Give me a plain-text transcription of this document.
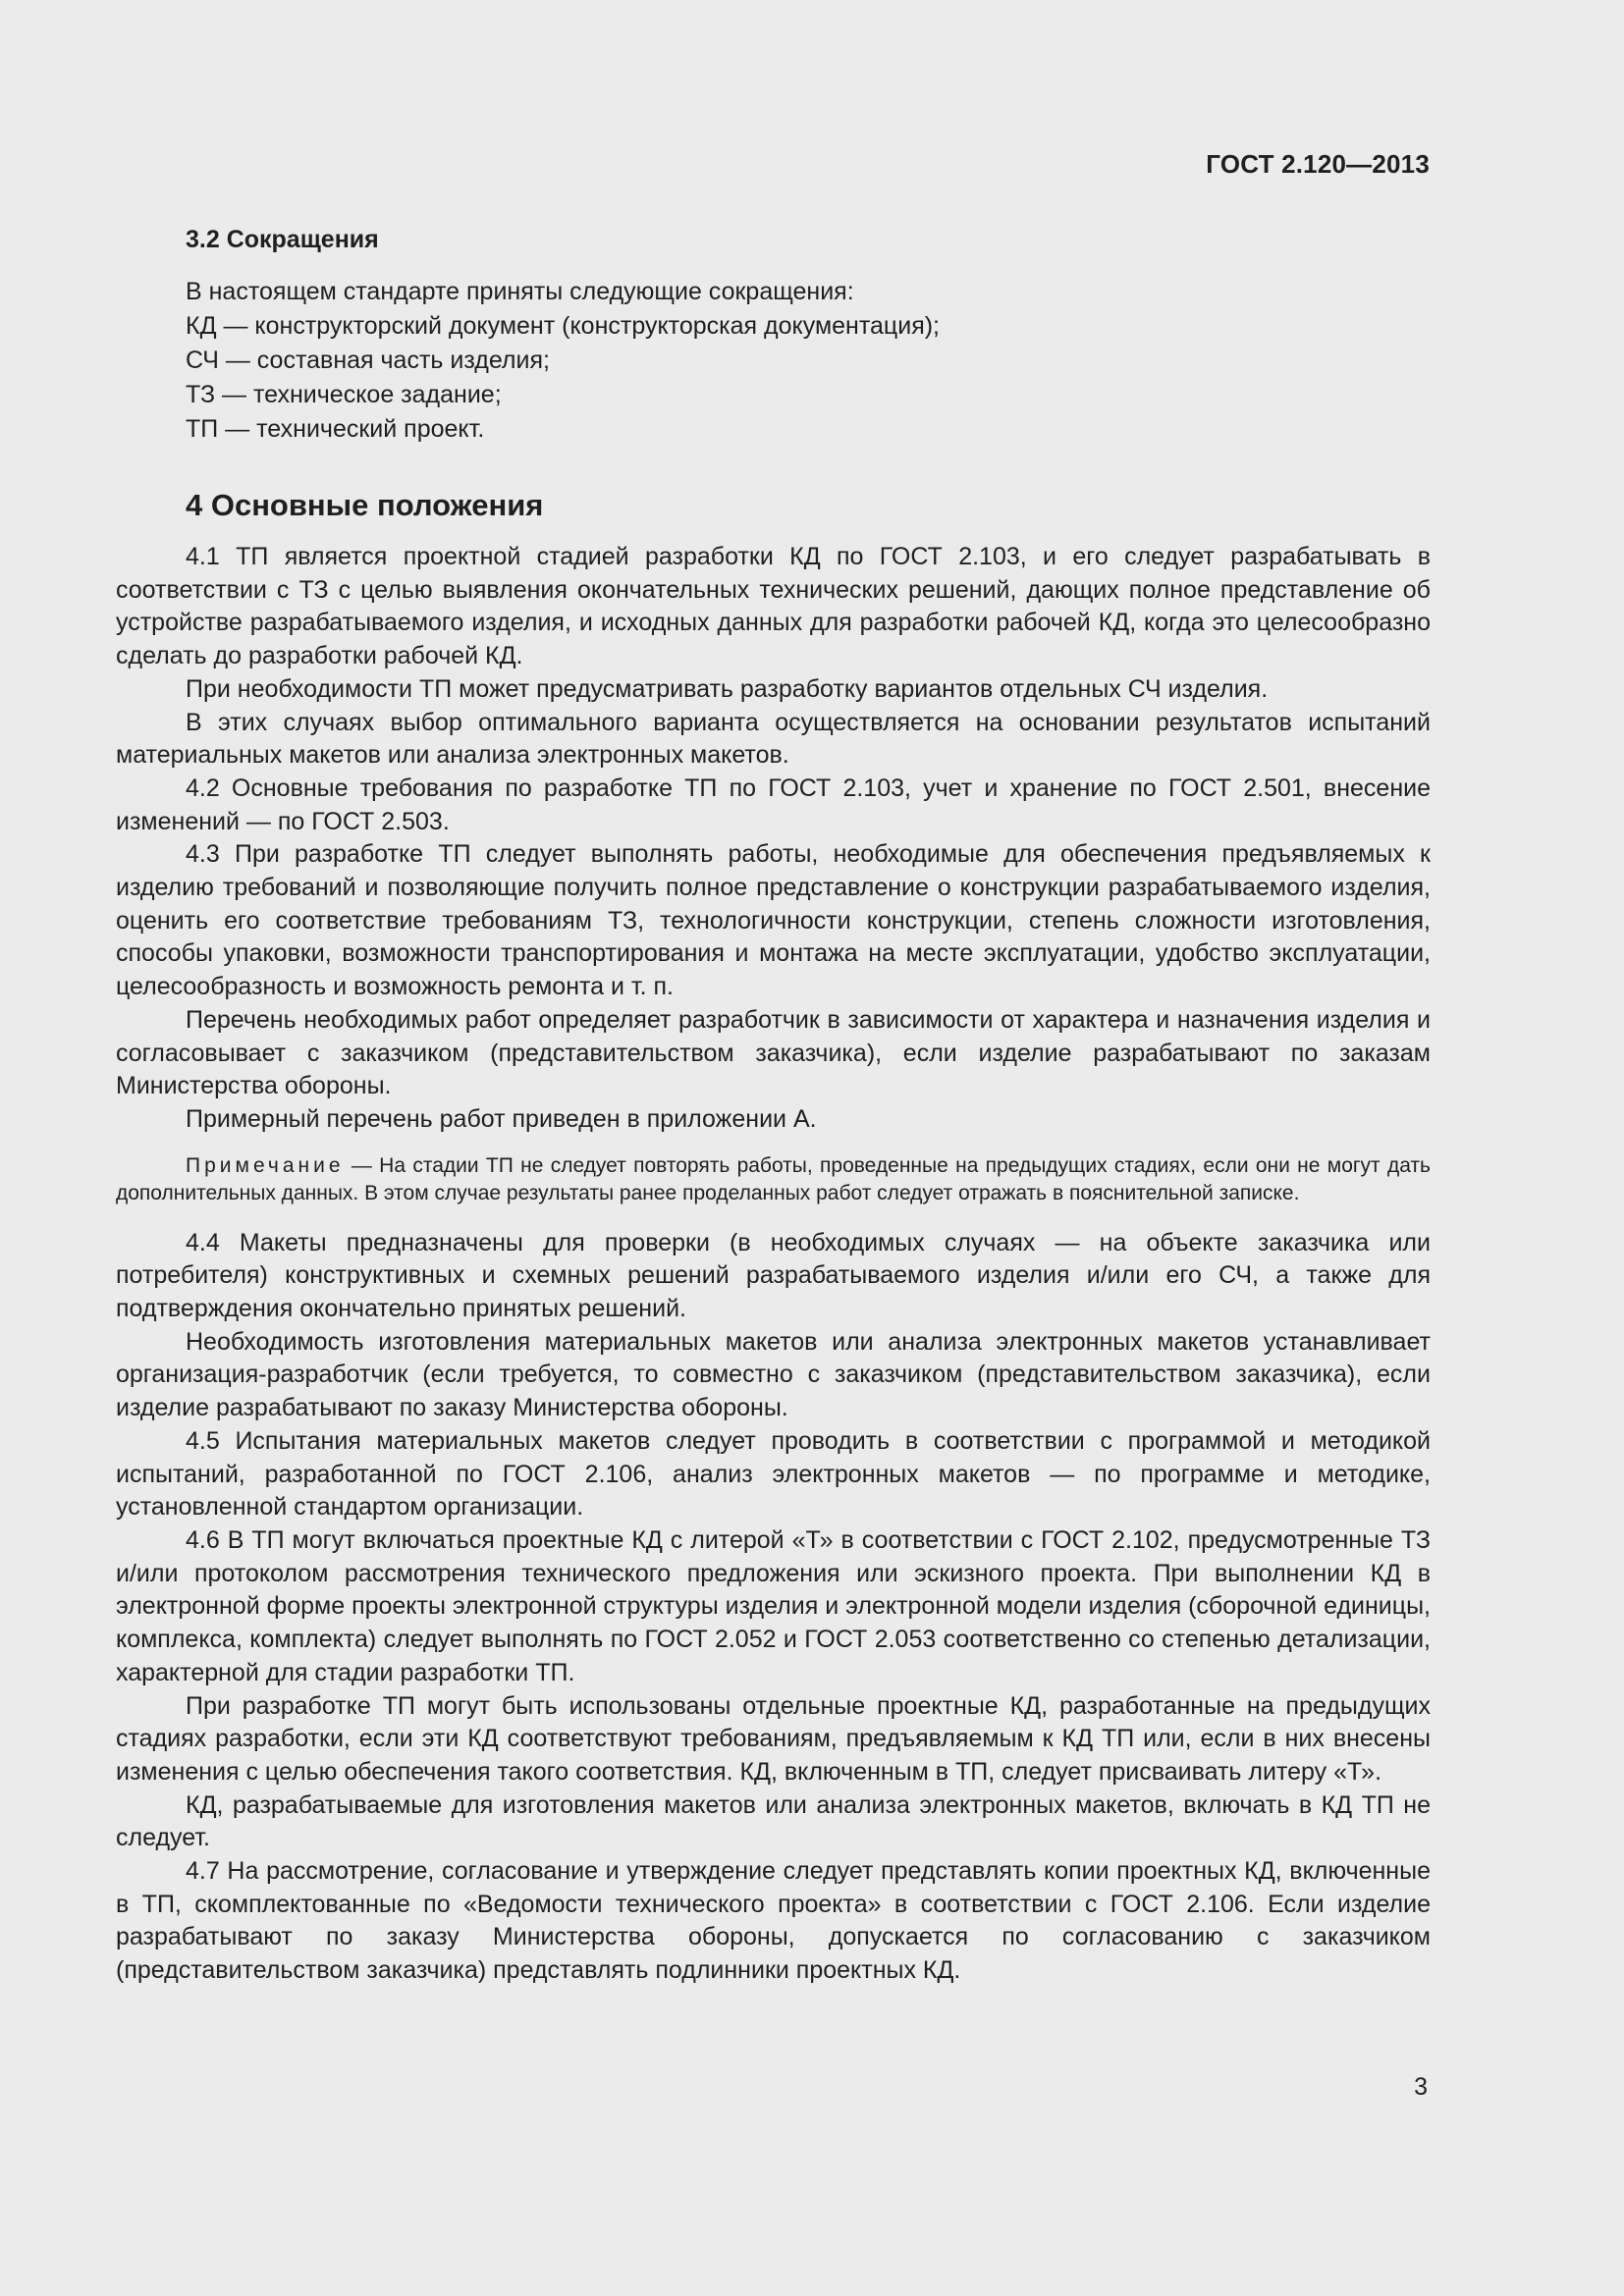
ГОСТ 2.120—2013
3.2 Сокращения
В настоящем стандарте приняты следующие сокращения:
КД — конструкторский документ (конструкторская документация);
СЧ — составная часть изделия;
ТЗ — техническое задание;
ТП — технический проект.
4 Основные положения

4.1 ТП является проектной стадией разработки КД по ГОСТ 2.103, и его следует разрабатывать в соответствии с ТЗ с целью выявления окончательных технических решений, дающих полное представление об устройстве разрабатываемого изделия, и исходных данных для разработки рабочей КД, когда это целесообразно сделать до разработки рабочей КД.

При необходимости ТП может предусматривать разработку вариантов отдельных СЧ изделия.

В этих случаях выбор оптимального варианта осуществляется на основании результатов испытаний материальных макетов или анализа электронных макетов.

4.2 Основные требования по разработке ТП по ГОСТ 2.103, учет и хранение по ГОСТ 2.501, внесение изменений — по ГОСТ 2.503.

4.3 При разработке ТП следует выполнять работы, необходимые для обеспечения предъявляемых к изделию требований и позволяющие получить полное представление о конструкции разрабатываемого изделия, оценить его соответствие требованиям ТЗ, технологичности конструкции, степень сложности изготовления, способы упаковки, возможности транспортирования и монтажа на месте эксплуатации, удобство эксплуатации, целесообразность и возможность ремонта и т. п.

Перечень необходимых работ определяет разработчик в зависимости от характера и назначения изделия и согласовывает с заказчиком (представительством заказчика), если изделие разрабатывают по заказам Министерства обороны.

Примерный перечень работ приведен в приложении А.

Примечание — На стадии ТП не следует повторять работы, проведенные на предыдущих стадиях, если они не могут дать дополнительных данных. В этом случае результаты ранее проделанных работ следует отражать в пояснительной записке.

4.4 Макеты предназначены для проверки (в необходимых случаях — на объекте заказчика или потребителя) конструктивных и схемных решений разрабатываемого изделия и/или его СЧ, а также для подтверждения окончательно принятых решений.

Необходимость изготовления материальных макетов или анализа электронных макетов устанавливает организация-разработчик (если требуется, то совместно с заказчиком (представительством заказчика), если изделие разрабатывают по заказу Министерства обороны.

4.5 Испытания материальных макетов следует проводить в соответствии с программой и методикой испытаний, разработанной по ГОСТ 2.106, анализ электронных макетов — по программе и методике, установленной стандартом организации.

4.6 В ТП могут включаться проектные КД с литерой «Т» в соответствии с ГОСТ 2.102, предусмотренные ТЗ и/или протоколом рассмотрения технического предложения или эскизного проекта. При выполнении КД в электронной форме проекты электронной структуры изделия и электронной модели изделия (сборочной единицы, комплекса, комплекта) следует выполнять по ГОСТ 2.052 и ГОСТ 2.053 соответственно со степенью детализации, характерной для стадии разработки ТП.

При разработке ТП могут быть использованы отдельные проектные КД, разработанные на предыдущих стадиях разработки, если эти КД соответствуют требованиям, предъявляемым к КД ТП или, если в них внесены изменения с целью обеспечения такого соответствия. КД, включенным в ТП, следует присваивать литеру «Т».

КД, разрабатываемые для изготовления макетов или анализа электронных макетов, включать в КД ТП не следует.

4.7 На рассмотрение, согласование и утверждение следует представлять копии проектных КД, включенные в ТП, скомплектованные по «Ведомости технического проекта» в соответствии с ГОСТ 2.106. Если изделие разрабатывают по заказу Министерства обороны, допускается по согласованию с заказчиком (представительством заказчика) представлять подлинники проектных КД.

3
